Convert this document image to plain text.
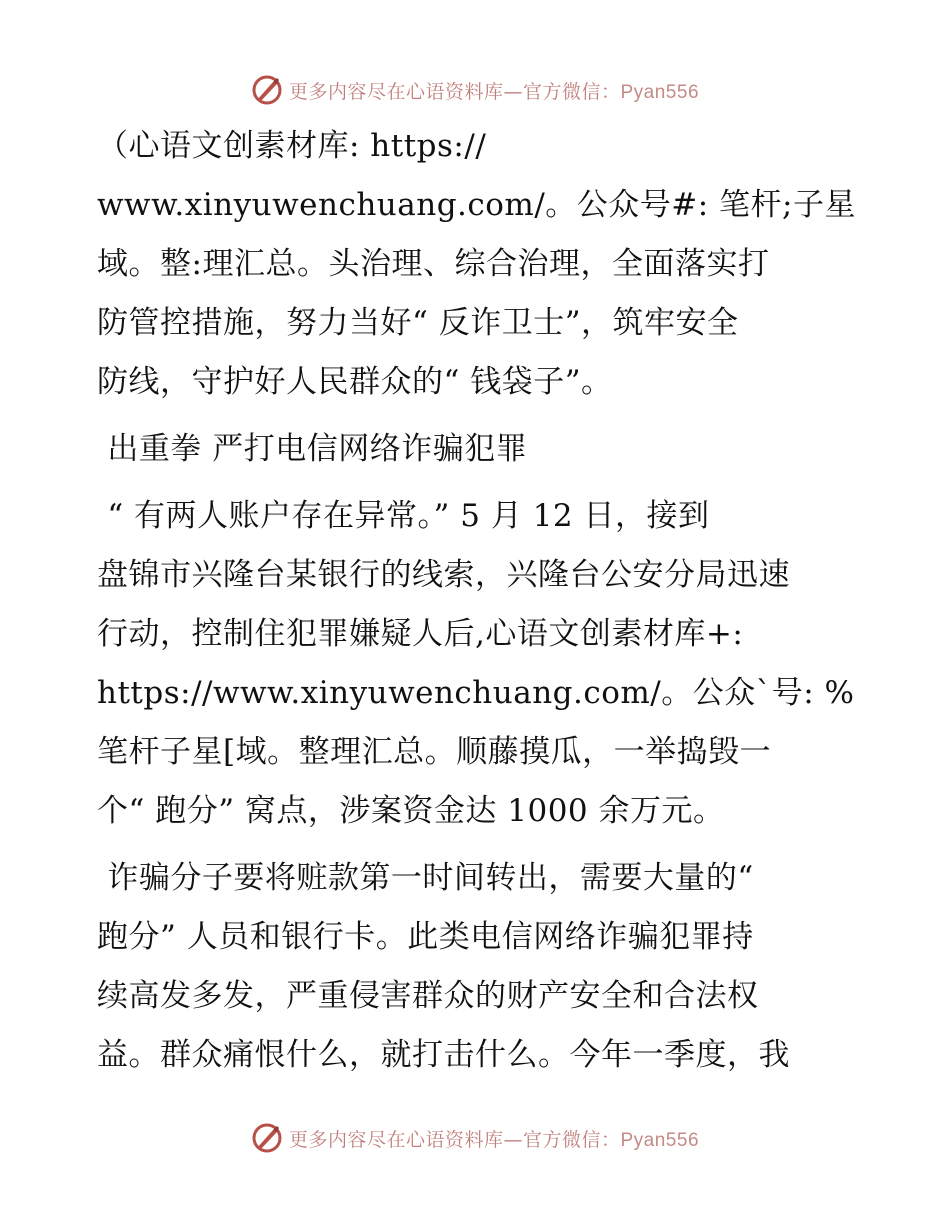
更多内容尽在心语资料库—官方微信：Pyan556

（心语文创素材库: https://
www.xinyuwenchuang.com/。公众号#: 笔杆;子星
域。整:理汇总。头治理、综合治理，全面落实打
防管控措施，努力当好“ 反诈卫士”，筑牢安全
防线，守护好人民群众的“ 钱袋子”。

出重拳 严打电信网络诈骗犯罪

“ 有两人账户存在异常。” 5 月 12 日，接到
盘锦市兴隆台某银行的线索，兴隆台公安分局迅速
行动，控制住犯罪嫌疑人后,心语文创素材库+:
https://www.xinyuwenchuang.com/。公众`号: %
笔杆子星[域。整理汇总。顺藤摸瓜，一举捣毁一
个“ 跑分” 窝点，涉案资金达 1000 余万元。

诈骗分子要将赃款第一时间转出，需要大量的“
跑分” 人员和银行卡。此类电信网络诈骗犯罪持
续高发多发，严重侵害群众的财产安全和合法权
益。群众痛恨什么，就打击什么。今年一季度，我

更多内容尽在心语资料库—官方微信：Pyan556
